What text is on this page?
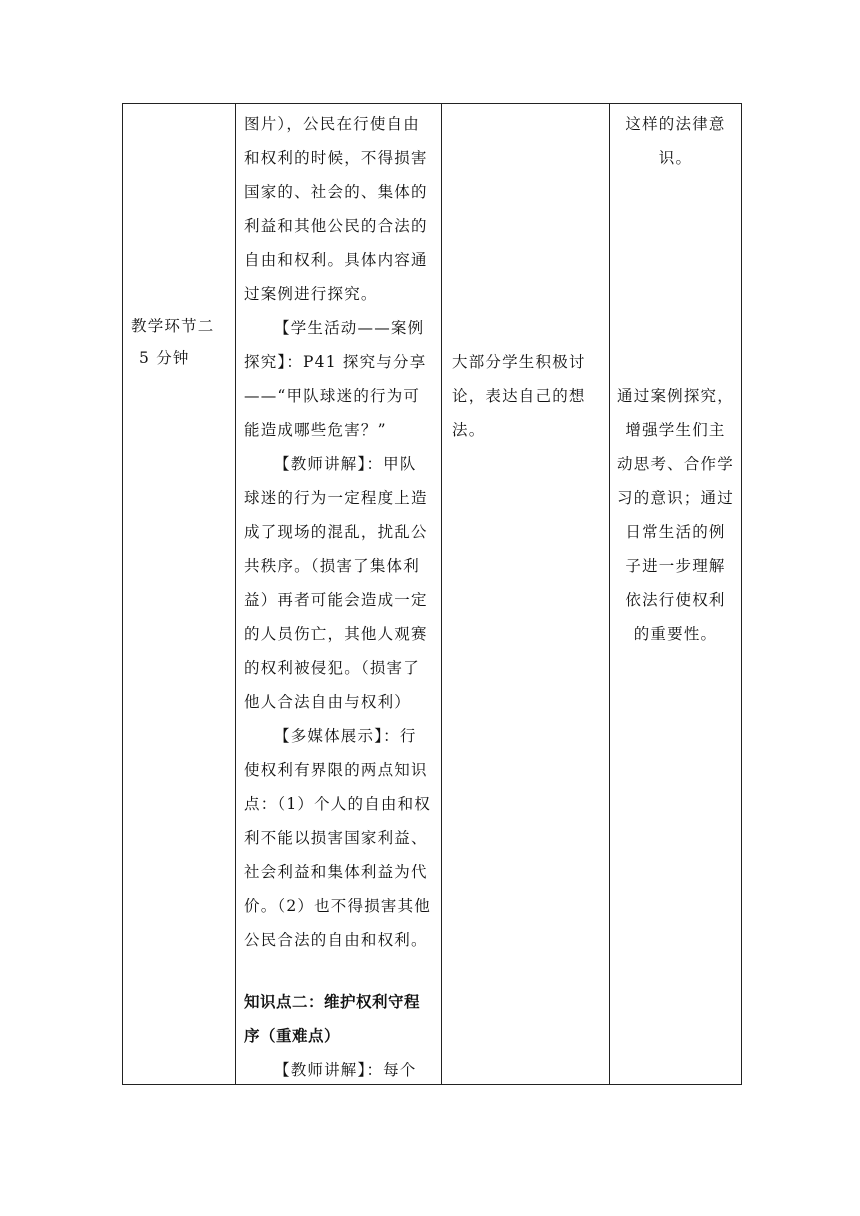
教学环节二
5 分钟
图片），公民在行使自由
和权利的时候，不得损害
国家的、社会的、集体的
利益和其他公民的合法的
自由和权利。具体内容通
过案例进行探究。
【学生活动——案例
探究】：P41 探究与分享
——“甲队球迷的行为可
能造成哪些危害？”
【教师讲解】：甲队
球迷的行为一定程度上造
成了现场的混乱，扰乱公
共秩序。（损害了集体利
益）再者可能会造成一定
的人员伤亡，其他人观赛
的权利被侵犯。（损害了
他人合法自由与权利）
【多媒体展示】：行
使权利有界限的两点知识
点：（1）个人的自由和权
利不能以损害国家利益、
社会利益和集体利益为代
价。（2）也不得损害其他
公民合法的自由和权利。
知识点二：维护权利守程
序（重难点）
【教师讲解】：每个
大部分学生积极讨
论，表达自己的想
法。
这样的法律意
识。
通过案例探究，
增强学生们主
动思考、合作学
习的意识；通过
日常生活的例
子进一步理解
依法行使权利
的重要性。
